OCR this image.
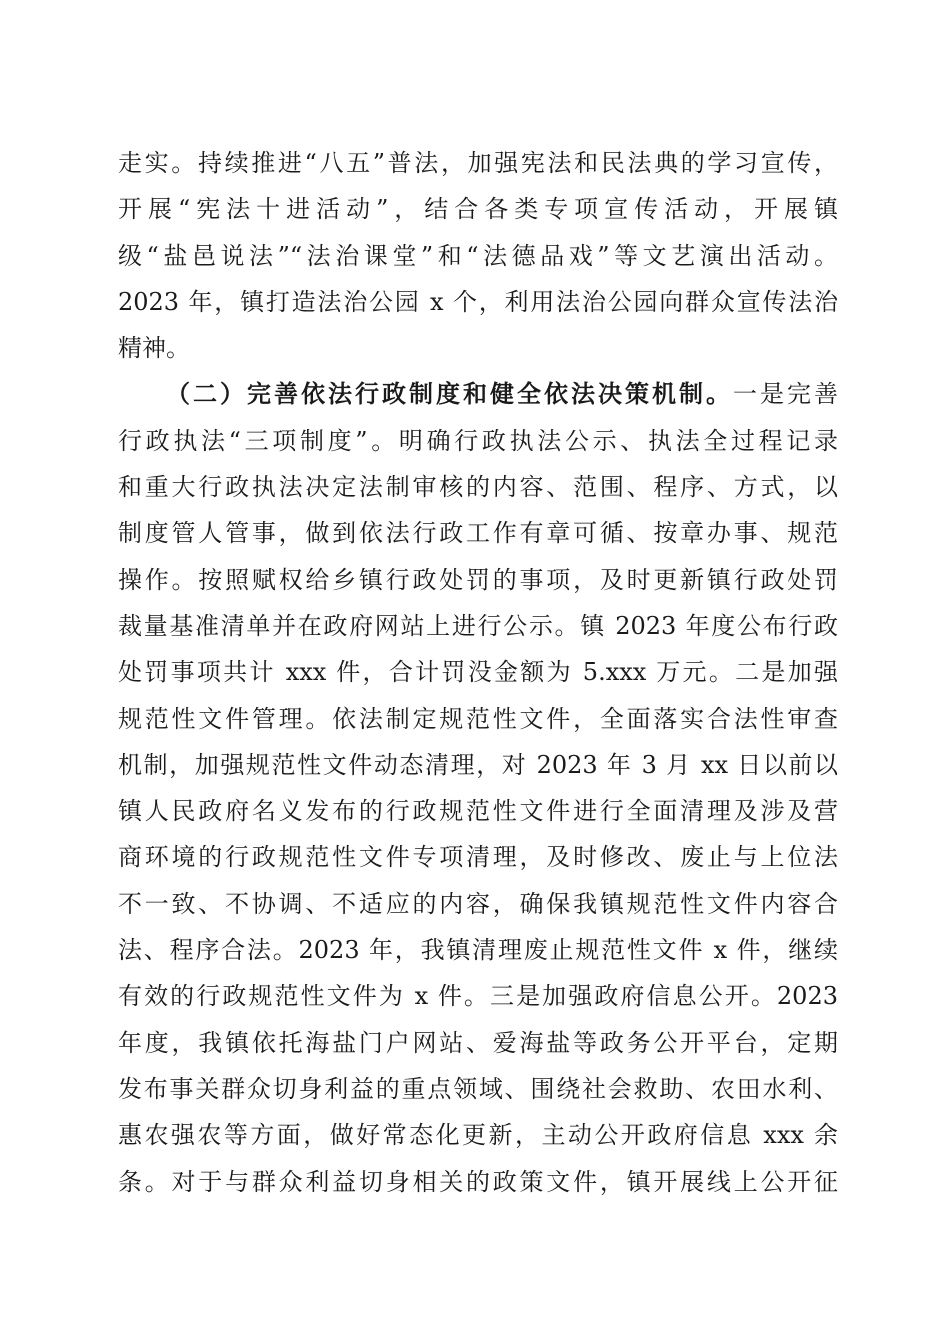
走实。持续推进“八五”普法，加强宪法和民法典的学习宣传，
开展“宪法十进活动”，结合各类专项宣传活动，开展镇
级“盐邑说法”“法治课堂”和“法德品戏”等文艺演出活动。
2023 年，镇打造法治公园 x 个，利用法治公园向群众宣传法治
精神。
（二）完善依法行政制度和健全依法决策机制。一是完善
行政执法“三项制度”。明确行政执法公示、执法全过程记录
和重大行政执法决定法制审核的内容、范围、程序、方式，以
制度管人管事，做到依法行政工作有章可循、按章办事、规范
操作。按照赋权给乡镇行政处罚的事项，及时更新镇行政处罚
裁量基准清单并在政府网站上进行公示。镇 2023 年度公布行政
处罚事项共计 xxx 件，合计罚没金额为 5.xxx 万元。二是加强
规范性文件管理。依法制定规范性文件，全面落实合法性审查
机制，加强规范性文件动态清理，对 2023 年 3 月 xx 日以前以
镇人民政府名义发布的行政规范性文件进行全面清理及涉及营
商环境的行政规范性文件专项清理，及时修改、废止与上位法
不一致、不协调、不适应的内容，确保我镇规范性文件内容合
法、程序合法。2023 年，我镇清理废止规范性文件 x 件，继续
有效的行政规范性文件为 x 件。三是加强政府信息公开。2023
年度，我镇依托海盐门户网站、爱海盐等政务公开平台，定期
发布事关群众切身利益的重点领域、围绕社会救助、农田水利、
惠农强农等方面，做好常态化更新，主动公开政府信息 xxx 余
条。对于与群众利益切身相关的政策文件，镇开展线上公开征
